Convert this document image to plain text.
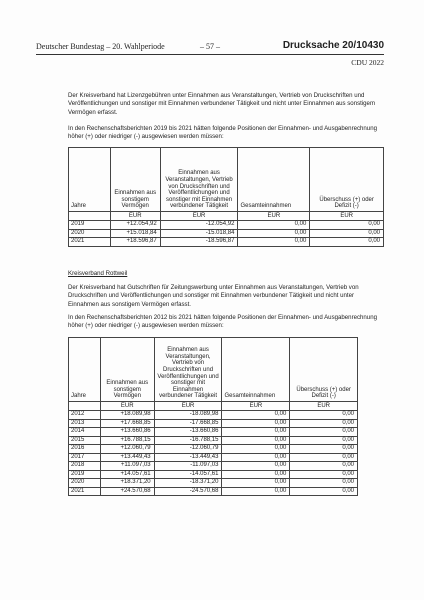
Deutscher Bundestag – 20. Wahlperiode	– 57 –	Drucksache 20/10430
CDU 2022
Der Kreisverband hat Lizenzgebühren unter Einnahmen aus Veranstaltungen, Vertrieb von Druckschriften und Veröffentlichungen und sonstiger mit Einnahmen verbundener Tätigkeit und nicht unter Einnahmen aus sonstigem Vermögen erfasst.
In den Rechenschaftsberichten 2019 bis 2021 hätten folgende Positionen der Einnahmen- und Ausgabenrechnung höher (+) oder niedriger (-) ausgewiesen werden müssen:
Jahre	Einnahmen aus sonstigem Vermögen	Einnahmen aus Veranstaltungen, Vertrieb von Druckschriften und Veröffentlichungen und sonstiger mit Einnahmen verbundener Tätigkeit	Gesamteinnahmen	Überschuss (+) oder Defizit (-)
	EUR	EUR	EUR	EUR
2019	+12.054,92	-12.054,92	0,00	0,00
2020	+15.018,84	-15.018,84	0,00	0,00
2021	+18.596,87	-18.596,87	0,00	0,00
Kreisverband Rottweil
Der Kreisverband hat Gutschriften für Zeitungswerbung unter Einnahmen aus Veranstaltungen, Vertrieb von Druckschriften und Veröffentlichungen und sonstiger mit Einnahmen verbundener Tätigkeit und nicht unter Einnahmen aus sonstigem Vermögen erfasst.
In den Rechenschaftsberichten 2012 bis 2021 hätten folgende Positionen der Einnahmen- und Ausgabenrechnung höher (+) oder niedriger (-) ausgewiesen werden müssen:
Jahre	Einnahmen aus sonstigem Vermögen	Einnahmen aus Veranstaltungen, Vertrieb von Druckschriften und Veröffentlichungen und sonstiger mit Einnahmen verbundener Tätigkeit	Gesamteinnahmen	Überschuss (+) oder Defizit (-)
	EUR	EUR	EUR	EUR
2012	+18.089,98	-18.089,98	0,00	0,00
2013	+17.668,85	-17.668,85	0,00	0,00
2014	+13.660,86	-13.660,86	0,00	0,00
2015	+16.788,15	-16.788,15	0,00	0,00
2016	+12.060,79	-12.060,79	0,00	0,00
2017	+13.449,43	-13.449,43	0,00	0,00
2018	+11.097,03	-11.097,03	0,00	0,00
2019	+14.057,61	-14.057,61	0,00	0,00
2020	+18.371,20	-18.371,20	0,00	0,00
2021	+24.570,68	-24.570,68	0,00	0,00
